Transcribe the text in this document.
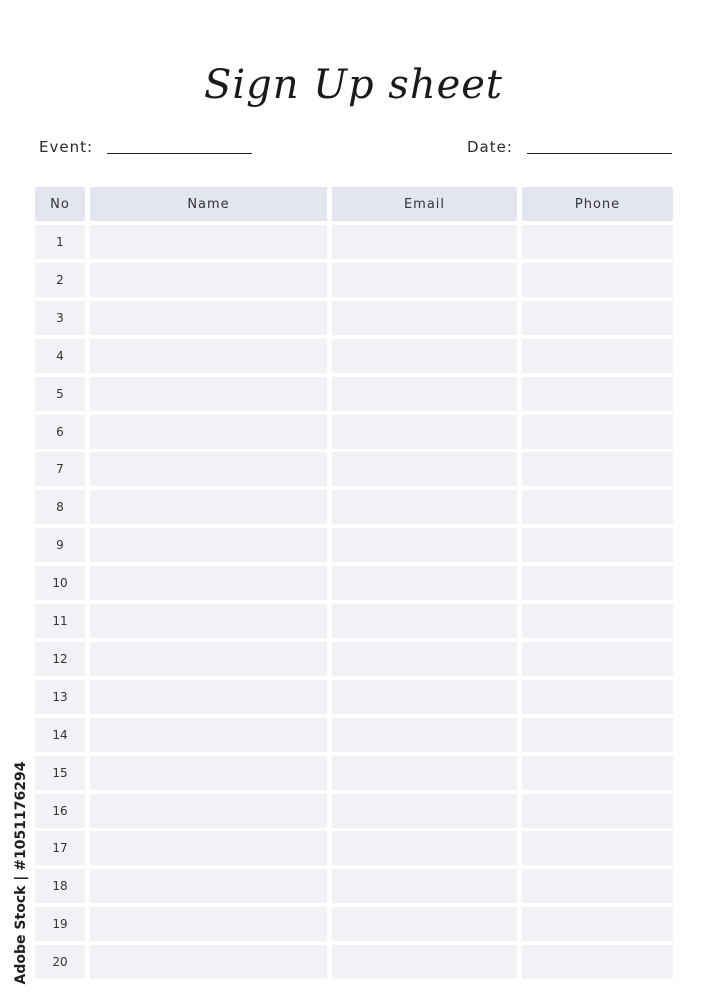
Sign Up sheet
Event:	Date:
No	Name	Email	Phone
1
2
3
4
5
6
7
8
9
10
11
12
13
14
15
16
17
18
19
20
Adobe Stock | #1051176294
